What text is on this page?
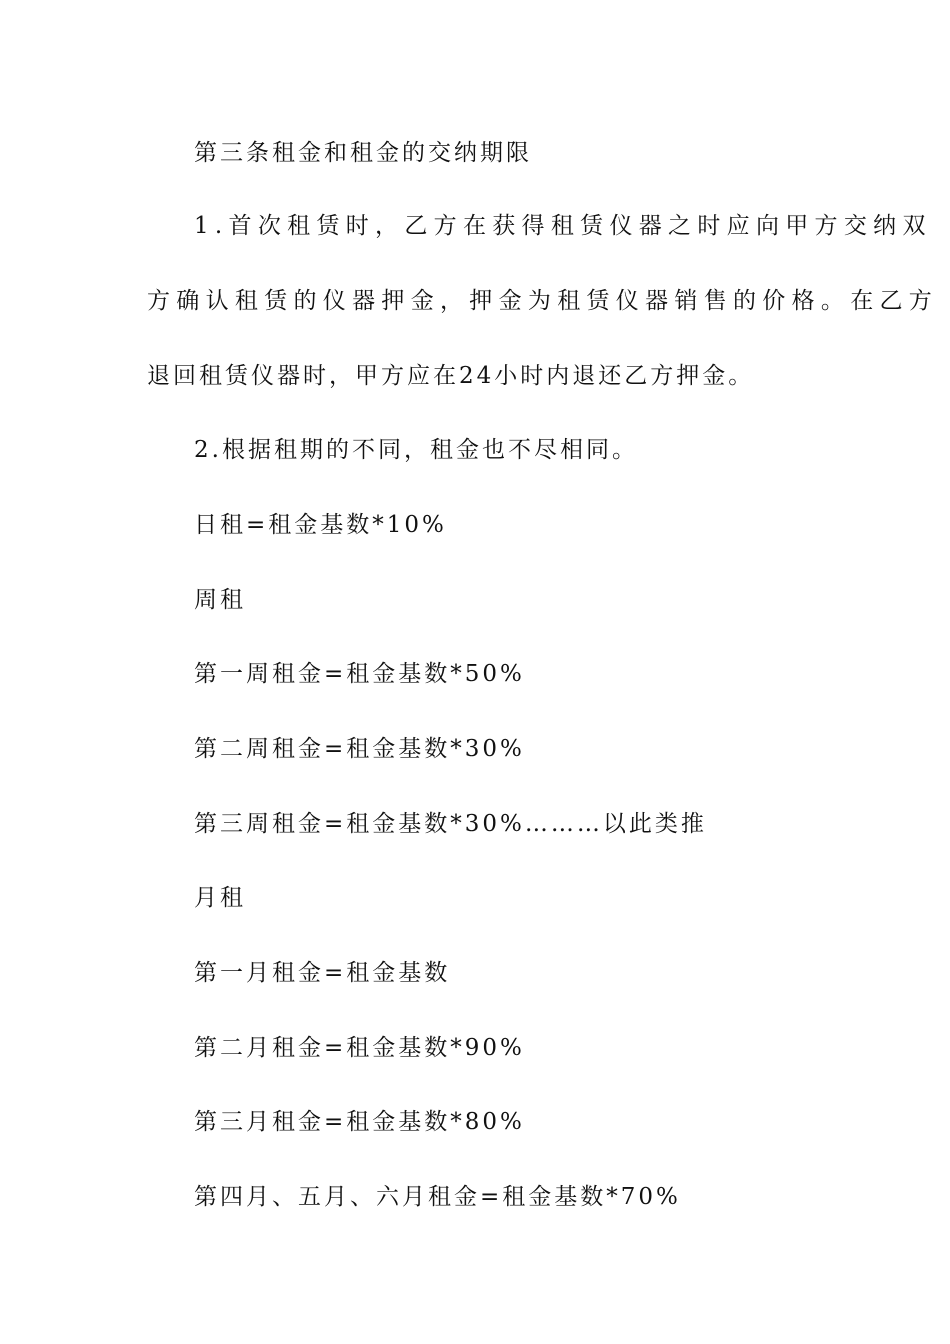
第三条租金和租金的交纳期限
1.首次租赁时，乙方在获得租赁仪器之时应向甲方交纳双
方确认租赁的仪器押金，押金为租赁仪器销售的价格。在乙方
退回租赁仪器时，甲方应在24小时内退还乙方押金。
2.根据租期的不同，租金也不尽相同。
日租=租金基数*10%
周租
第一周租金=租金基数*50%
第二周租金=租金基数*30%
第三周租金=租金基数*30%………以此类推
月租
第一月租金=租金基数
第二月租金=租金基数*90%
第三月租金=租金基数*80%
第四月、五月、六月租金=租金基数*70%
